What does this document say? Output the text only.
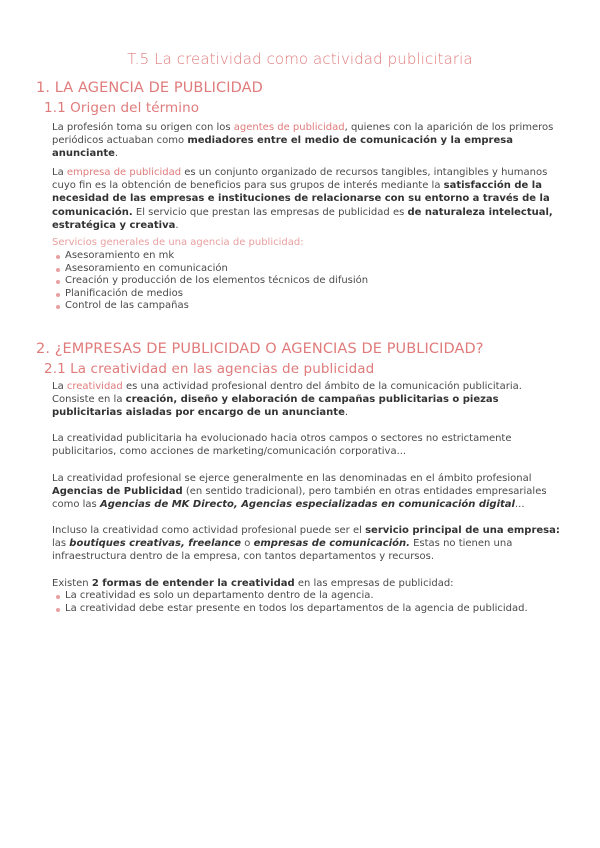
T.5 La creatividad como actividad publicitaria
1. LA AGENCIA DE PUBLICIDAD
1.1 Origen del término

La profesión toma su origen con los agentes de publicidad, quienes con la aparición de los primeros periódicos actuaban como mediadores entre el medio de comunicación y la empresa anunciante.

La empresa de publicidad es un conjunto organizado de recursos tangibles, intangibles y humanos cuyo fin es la obtención de beneficios para sus grupos de interés mediante la satisfacción de la necesidad de las empresas e instituciones de relacionarse con su entorno a través de la comunicación. El servicio que prestan las empresas de publicidad es de naturaleza intelectual, estratégica y creativa.

Servicios generales de una agencia de publicidad:
Asesoramiento en mk
Asesoramiento en comunicación
Creación y producción de los elementos técnicos de difusión
Planificación de medios
Control de las campañas
2. ¿EMPRESAS DE PUBLICIDAD O AGENCIAS DE PUBLICIDAD?
2.1 La creatividad en las agencias de publicidad

La creatividad es una actividad profesional dentro del ámbito de la comunicación publicitaria. Consiste en la creación, diseño y elaboración de campañas publicitarias o piezas publicitarias aisladas por encargo de un anunciante.

La creatividad publicitaria ha evolucionado hacia otros campos o sectores no estrictamente publicitarios, como acciones de marketing/comunicación corporativa...

La creatividad profesional se ejerce generalmente en las denominadas en el ámbito profesional Agencias de Publicidad (en sentido tradicional), pero también en otras entidades empresariales como las Agencias de MK Directo, Agencias especializadas en comunicación digital...

Incluso la creatividad como actividad profesional puede ser el servicio principal de una empresa: las boutiques creativas, freelance o empresas de comunicación. Estas no tienen una infraestructura dentro de la empresa, con tantos departamentos y recursos.

Existen 2 formas de entender la creatividad en las empresas de publicidad:

La creatividad es solo un departamento dentro de la agencia.
La creatividad debe estar presente en todos los departamentos de la agencia de publicidad.
